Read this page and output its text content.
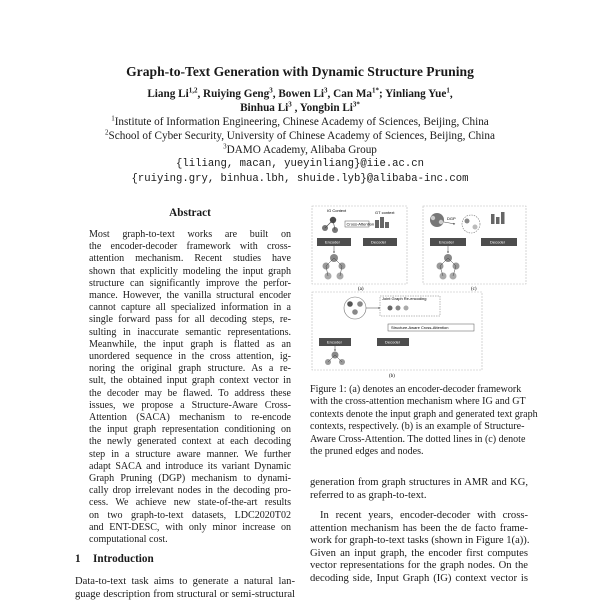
Graph-to-Text Generation with Dynamic Structure Pruning
Liang Li$^{1,2}$, Ruiying Geng$^3$, Bowen Li$^3$, Can $Ma^{1*}$; Yinliang Yue$^1$,
Binhua Li$^3$ , Yongbin $Li^{3*}$
$^1$Institute of Information Engineering, Chinese Academy of Sciences, Beijing, China
$^2$School of Cyber Security, University of Chinese Academy of Sciences, Beijing, China
$^3$DAMO Academy, Alibaba Group
{liliang, macan, yueyinliang}@iie.ac.cn
{ruiying.gry, binhua.lbh, shuide.lyb}@alibaba-inc.com
Abstract
Most graph-to-text works are built on
the encoder-decoder framework with cross-
attention mechanism. Recent studies have
shown that explicitly modeling the input graph
structure can significantly improve the perfor-
mance. However, the vanilla structural encoder
cannot capture all specialized information in a
single forward pass for all decoding steps, re-
sulting in inaccurate semantic representations.
Meanwhile, the input graph is flatted as an
unordered sequence in the cross attention, ig-
noring the original graph structure. As a re-
sult, the obtained input graph context vector in
the decoder may be flawed. To address these
issues, we propose a Structure-Aware Cross-
Attention (SACA) mechanism to re-encode
the input graph representation conditioning on
the newly generated context at each decoding
step in a structure aware manner. We further
adapt SACA and introduce its variant Dynamic
Graph Pruning (DGP) mechanism to dynami-
cally drop irrelevant nodes in the decoding pro-
cess. We achieve new state-of-the-art results
on two graph-to-text datasets, LDC2020T02
and ENT-DESC, with only minor increase on
computational cost.
1 Introduction
Data-to-text task aims to generate a natural lan-
guage description from structural or semi-structural
IG Context
Cross-Attention
GT context
Encoder	Decoder
(a)
DGP
Encoder	Decoder
(c)
Joint Graph Re-encoding
Structure-Aware Cross-Attention
Encoder	Decoder
(b)
Figure 1: (a) denotes an encoder-decoder framework
with the cross-attention mechanism where IG and GT
contexts denote the input graph and generated text graph
contexts, respectively. (b) is an example of Structure-
Aware Cross-Attention. The dotted lines in (c) denote
the pruned edges and nodes.
generation from graph structures in AMR and KG,
referred to as graph-to-text.
In recent years, encoder-decoder with cross-
attention mechanism has been the de facto frame-
work for graph-to-text tasks (shown in Figure 1(a)).
Given an input graph, the encoder first computes
vector representations for the graph nodes. On the
decoding side, Input Graph (IG) context vector is
